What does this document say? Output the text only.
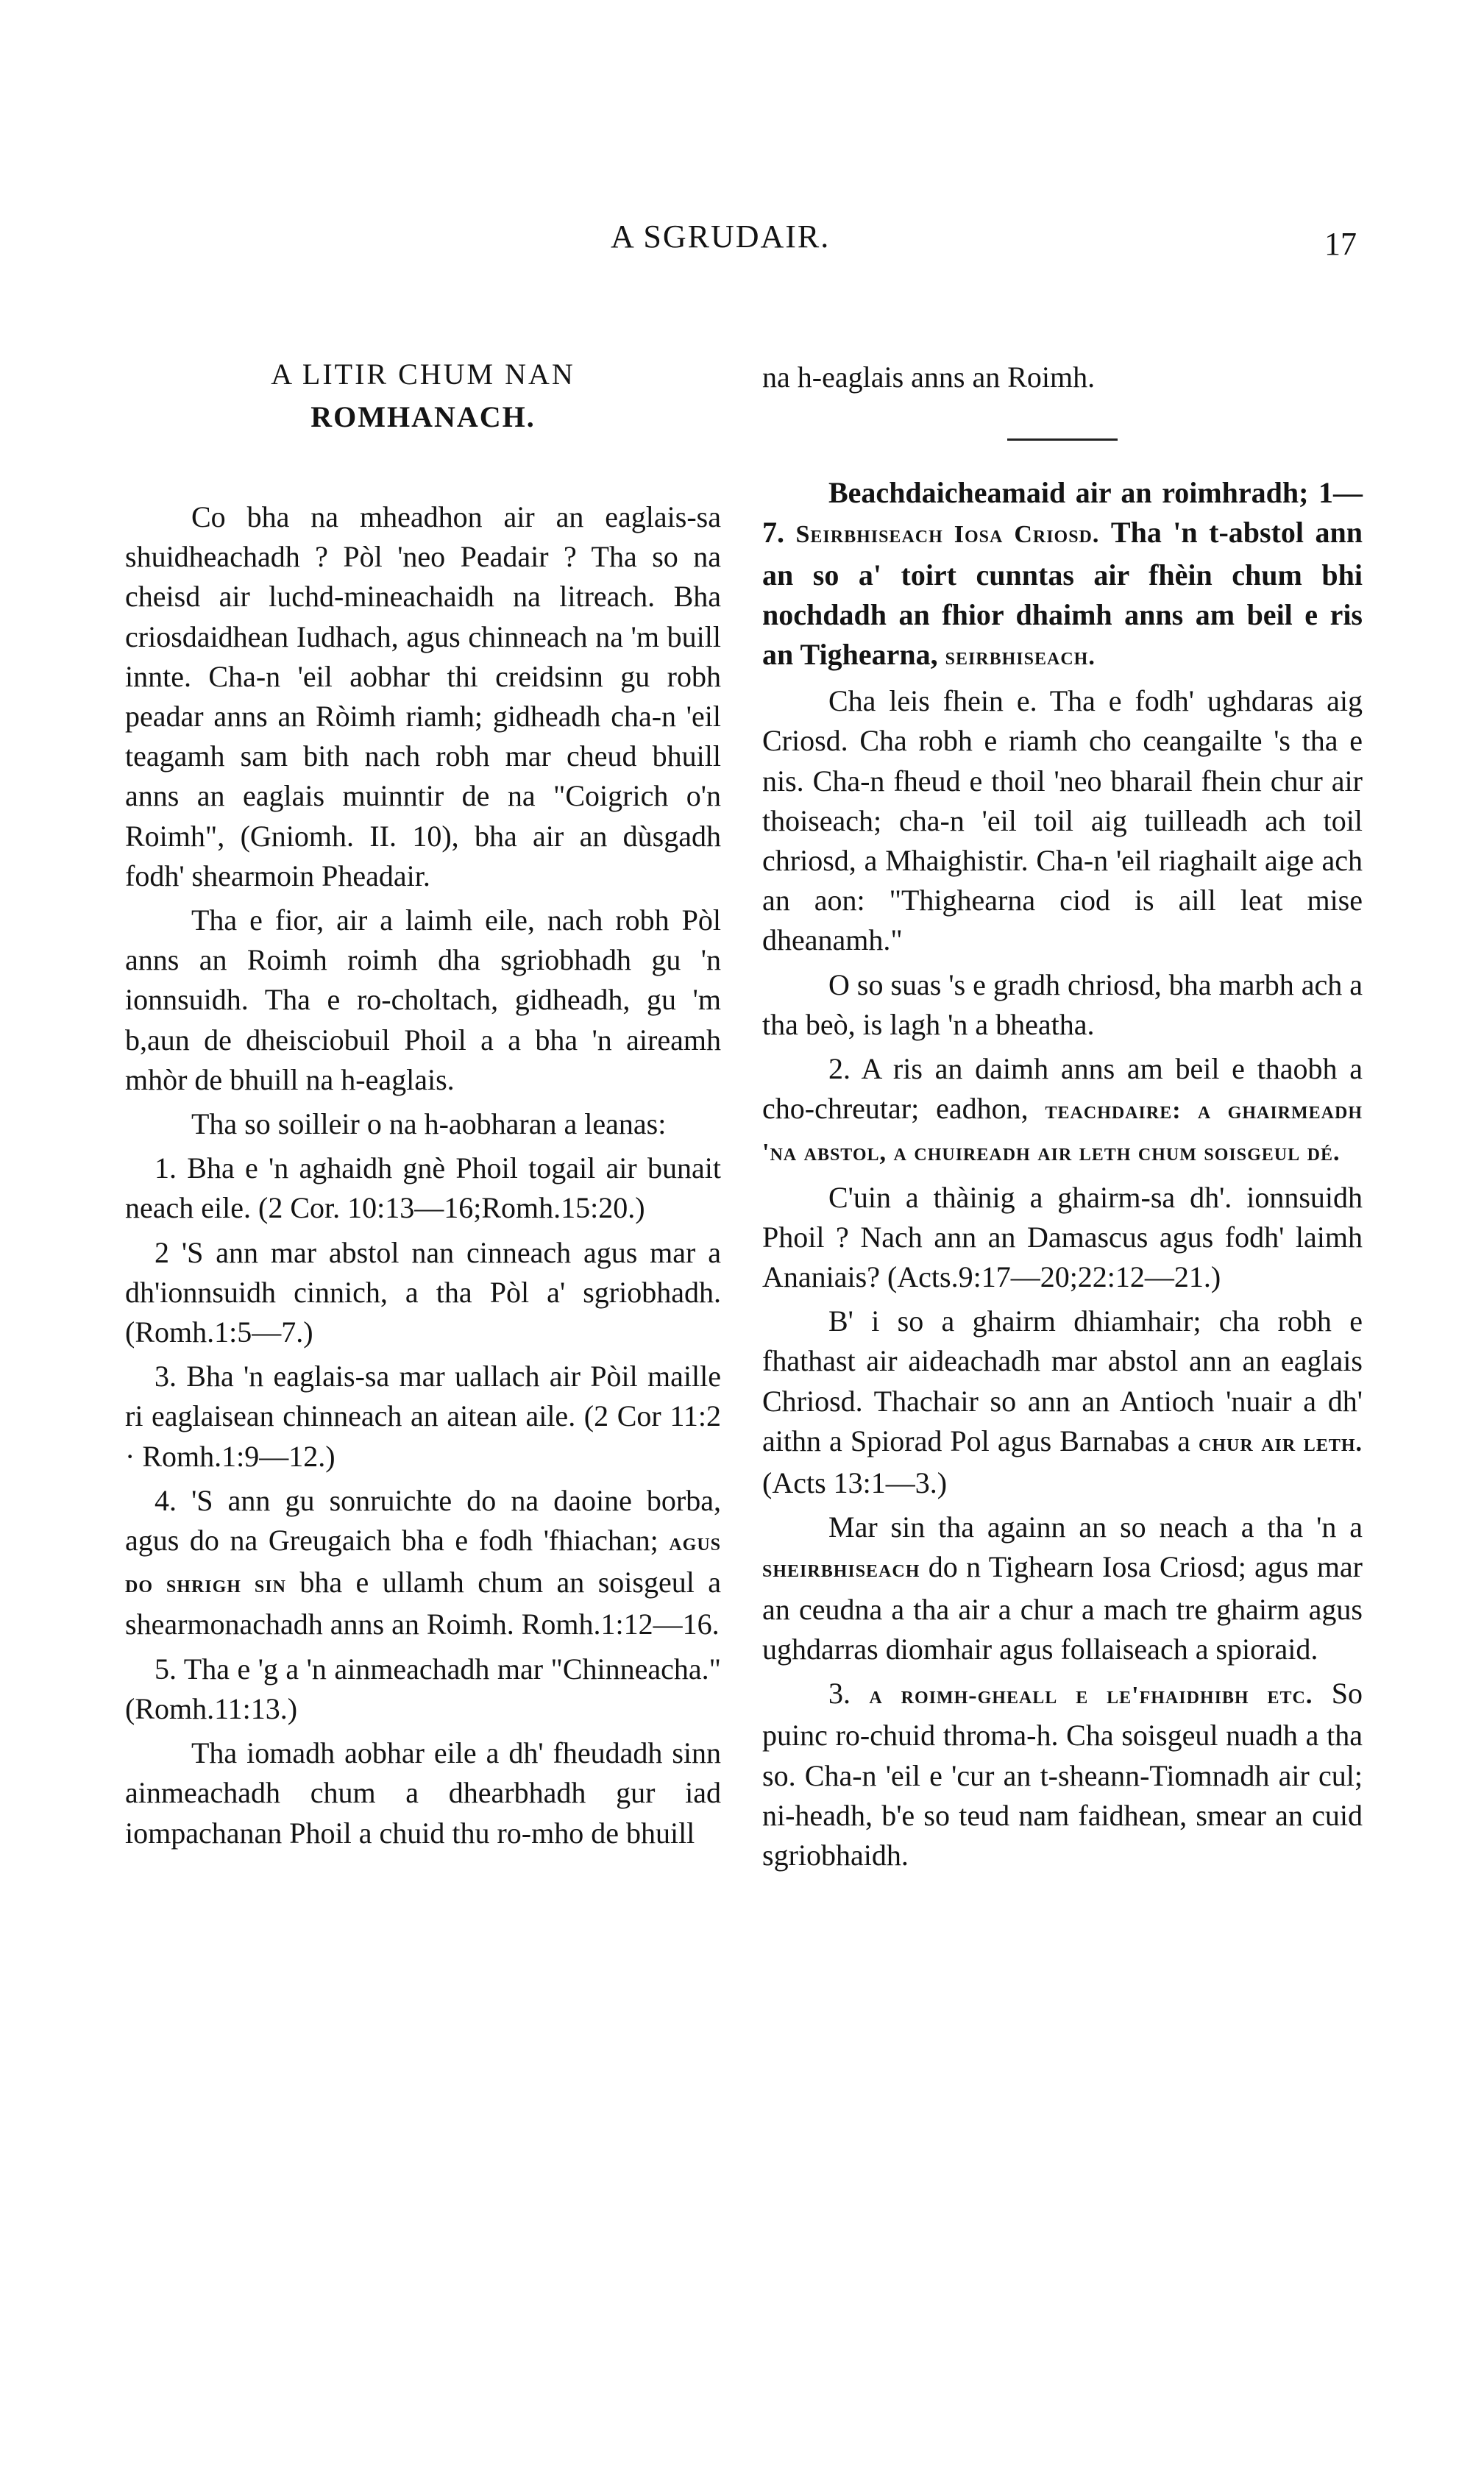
A SGRUDAIR.	17
A LITIR CHUM NAN
ROMHANACH.

Co bha na mheadhon air an eaglais-sa shuidheachadh ? Pòl 'neo Peadair ? Tha so na cheisd air luchd-mineachaidh na litreach. Bha criosdaidhean Iudhach, agus chinneach na 'm buill innte. Cha-n 'eil aobhar thi creidsinn gu robh peadar anns an Ròimh riamh; gidheadh cha-n 'eil teagamh sam bith nach robh mar cheud bhuill anns an eaglais muinntir de na "Coigrich o'n Roimh", (Gniomh. II. 10), bha air an dùsgadh fodh' shearmoin Pheadair.

Tha e fior, air a laimh eile, nach robh Pòl anns an Roimh roimh dha sgriobhadh gu 'n ionnsuidh. Tha e ro-choltach, gidheadh, gu 'm b,aun de dheisciobuil Phoil a a bha 'n aireamh mhòr de bhuill na h-eaglais.

Tha so soilleir o na h-aobharan a leanas:

1. Bha e 'n aghaidh gnè Phoil togail air bunait neach eile. (2 Cor. 10:13—16;Romh.15:20.)

2 'S ann mar abstol nan cinneach agus mar a dh'ionnsuidh cinnich, a tha Pòl a' sgriobhadh. (Romh.1:5—7.)

3. Bha 'n eaglais-sa mar uallach air Pòil maille ri eaglaisean chinneach an aitean aile. (2 Cor 11:2 · Romh.1:9—12.)

4. 'S ann gu sonruichte do na daoine borba, agus do na Greugaich bha e fodh 'fhiachan; agus do shrigh sin bha e ullamh chum an soisgeul a shearmonachadh anns an Roimh. Romh.1:12—16.

5. Tha e 'g a 'n ainmeachadh mar "Chinneacha." (Romh.11:13.)

Tha iomadh aobhar eile a dh' fheudadh sinn ainmeachadh chum a dhearbhadh gur iad iompachanan Phoil a chuid thu ro-mho de bhuill

na h-eaglais anns an Roimh.

Beachdaicheamaid air an roimhradh; 1—7. Seirbhiseach Iosa Criosd. Tha 'n t-abstol ann an so a' toirt cunntas air fhèin chum bhi nochdadh an fhior dhaimh anns am beil e ris an Tighearna, seirbhiseach.

Cha leis fhein e. Tha e fodh' ughdaras aig Criosd. Cha robh e riamh cho ceangailte 's tha e nis. Cha-n fheud e thoil 'neo bharail fhein chur air thoiseach; cha-n 'eil toil aig tuilleadh ach toil chriosd, a Mhaighistir. Cha-n 'eil riaghailt aige ach an aon: "Thighearna ciod is aill leat mise dheanamh."

O so suas 's e gradh chriosd, bha marbh ach a tha beò, is lagh 'n a bheatha.

2. A ris an daimh anns am beil e thaobh a cho-chreutar; eadhon, teachdaire: a ghairmeadh 'na abstol, a chuireadh air leth chum soisgeul dé.

C'uin a thàinig a ghairm-sa dh'. ionnsuidh Phoil ? Nach ann an Damascus agus fodh' laimh Ananiais? (Acts.9:17—20;22:12—21.)

B' i so a ghairm dhiamhair; cha robh e fhathast air aideachadh mar abstol ann an eaglais Chriosd. Thachair so ann an Antioch 'nuair a dh' aithn a Spiorad Pol agus Barnabas a chur air leth. (Acts 13:1—3.)

Mar sin tha againn an so neach a tha 'n a sheirbhiseach do n Tighearn Iosa Criosd; agus mar an ceudna a tha air a chur a mach tre ghairm agus ughdarras diomhair agus follaiseach a spioraid.

3. a roimh-gheall e le'fhaidhibh etc. So puinc ro-chuid throma-h. Cha soisgeul nuadh a tha so. Cha-n 'eil e 'cur an t-sheann-Tiomnadh air cul; ni-headh, b'e so teud nam faidhean, smear an cuid sgriobhaidh.
